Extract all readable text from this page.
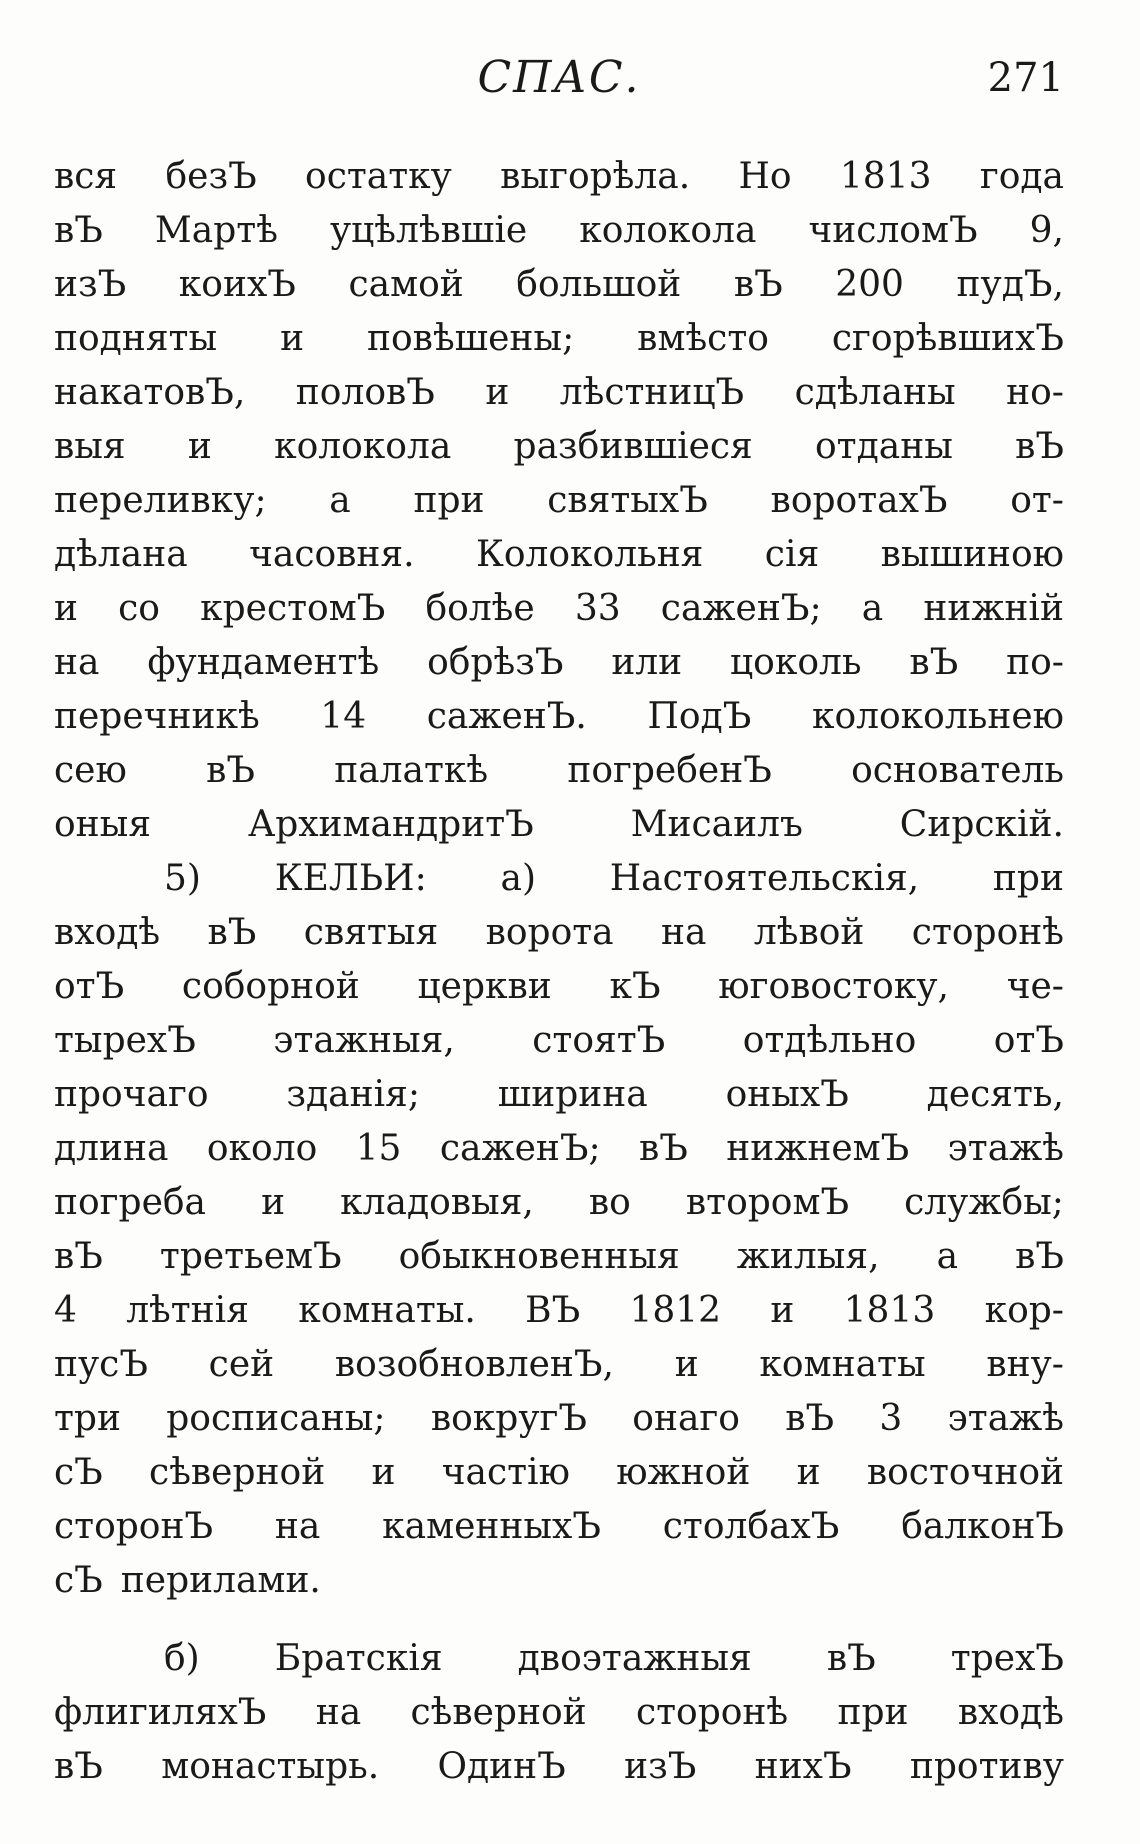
СПАС.	271
вся безЪ остатку выгорѣла. Но 1813 года
вЪ Мартѣ уцѣлѣвшіе колокола числомЪ 9,
изЪ коихЪ самой большой вЪ 200 пудЪ,
подняты и повѣшены; вмѣсто сгорѣвшихЪ
накатовЪ, половЪ и лѣстницЪ сдѣланы но-
выя и колокола разбившіеся отданы вЪ
переливку; а при святыхЪ воротахЪ от-
дѣлана часовня. Колокольня сія вышиною
и со крестомЪ болѣе 33 саженЪ; а нижній
на фундаментѣ обрѣзЪ или цоколь вЪ по-
перечникѣ 14 саженЪ. ПодЪ колокольнею
сею вЪ палаткѣ погребенЪ основатель
оныя	АрхимандритЪ	Мисаилъ	Сирскій.
5) КЕЛЬИ: а) Настоятельскія, при
входѣ вЪ святыя ворота на лѣвой сторонѣ
отЪ соборной церкви кЪ юговостоку, че-
тырехЪ этажныя, стоятЪ отдѣльно отЪ
прочаго зданія; ширина оныхЪ десять,
длина около 15 саженЪ; вЪ нижнемЪ этажѣ
погреба и кладовыя, во второмЪ службы;
вЪ третьемЪ обыкновенныя жилыя, а вЪ
4 лѣтнія комнаты. ВЪ 1812 и 1813 кор-
пусЪ сей возобновленЪ, и комнаты вну-
три росписаны; вокругЪ онаго вЪ 3 этажѣ
сЪ сѣверной и частію южной и восточной
сторонЪ на каменныхЪ столбахЪ балконЪ
сЪ перилами.
б) Братскія двоэтажныя вЪ трехЪ
флигиляхЪ на сѣверной сторонѣ при входѣ
вЪ монастырь. ОдинЪ изЪ нихЪ противу
